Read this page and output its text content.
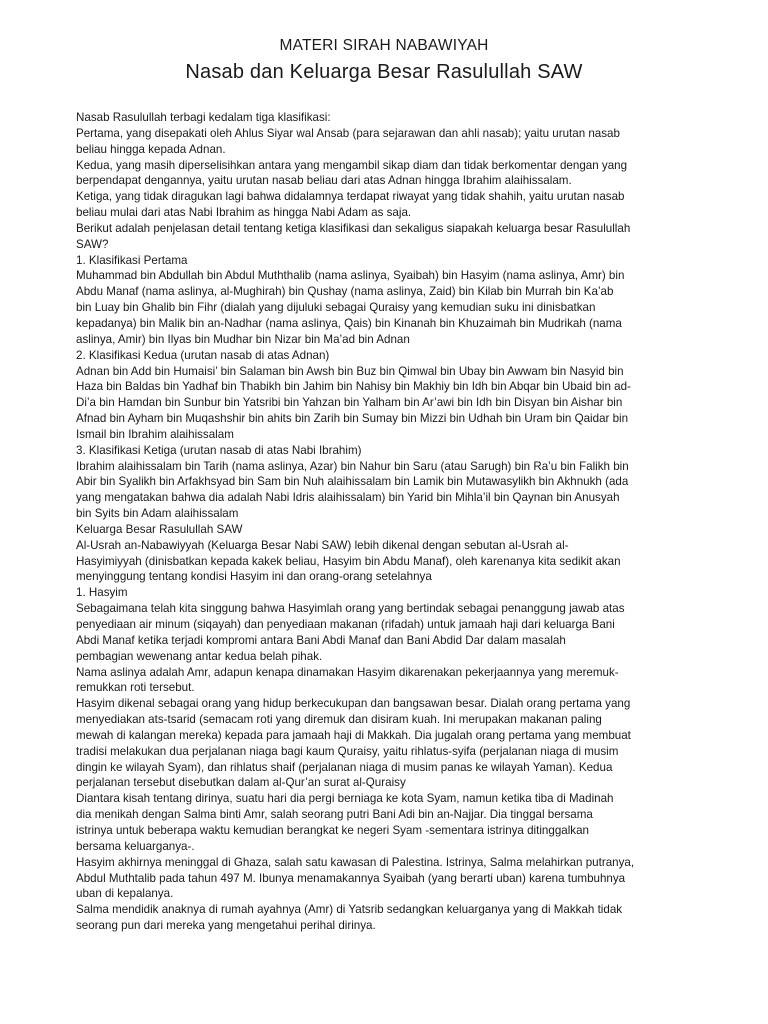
MATERI SIRAH NABAWIYAH
Nasab dan Keluarga Besar Rasulullah SAW

Nasab Rasulullah terbagi kedalam tiga klasifikasi:

Pertama, yang disepakati oleh Ahlus Siyar wal Ansab (para sejarawan dan ahli nasab); yaitu urutan nasab
beliau hingga kepada Adnan.

Kedua, yang masih diperselisihkan antara yang mengambil sikap diam dan tidak berkomentar dengan yang
berpendapat dengannya, yaitu urutan nasab beliau dari atas Adnan hingga Ibrahim alaihissalam.

Ketiga, yang tidak diragukan lagi bahwa didalamnya terdapat riwayat yang tidak shahih, yaitu urutan nasab
beliau mulai dari atas Nabi Ibrahim as hingga Nabi Adam as saja.

Berikut adalah penjelasan detail tentang ketiga klasifikasi dan sekaligus siapakah keluarga besar Rasulullah
SAW?

1. Klasifikasi Pertama

Muhammad bin Abdullah bin Abdul Muththalib (nama aslinya, Syaibah) bin Hasyim (nama aslinya, Amr) bin
Abdu Manaf (nama aslinya, al-Mughirah) bin Qushay (nama aslinya, Zaid) bin Kilab bin Murrah bin Ka’ab
bin Luay bin Ghalib bin Fihr (dialah yang dijuluki sebagai Quraisy yang kemudian suku ini dinisbatkan
kepadanya) bin Malik bin an-Nadhar (nama aslinya, Qais) bin Kinanah bin Khuzaimah bin Mudrikah (nama
aslinya, Amir) bin Ilyas bin Mudhar bin Nizar bin Ma’ad bin Adnan

2. Klasifikasi Kedua (urutan nasab di atas Adnan)

Adnan bin Add bin Humaisi’ bin Salaman bin Awsh bin Buz bin Qimwal bin Ubay bin Awwam bin Nasyid bin
Haza bin Baldas bin Yadhaf bin Thabikh bin Jahim bin Nahisy bin Makhiy bin Idh bin Abqar bin Ubaid bin ad-
Di’a bin Hamdan bin Sunbur bin Yatsribi bin Yahzan bin Yalham bin Ar’awi bin Idh bin Disyan bin Aishar bin
Afnad bin Ayham bin Muqashshir bin ahits bin Zarih bin Sumay bin Mizzi bin Udhah bin Uram bin Qaidar bin
Ismail bin Ibrahim alaihissalam

3. Klasifikasi Ketiga (urutan nasab di atas Nabi Ibrahim)

Ibrahim alaihissalam bin Tarih (nama aslinya, Azar) bin Nahur bin Saru (atau Sarugh) bin Ra’u bin Falikh bin
Abir bin Syalikh bin Arfakhsyad bin Sam bin Nuh alaihissalam bin Lamik bin Mutawasylikh bin Akhnukh (ada
yang mengatakan bahwa dia adalah Nabi Idris alaihissalam) bin Yarid bin Mihla’il bin Qaynan bin Anusyah
bin Syits bin Adam alaihissalam

Keluarga Besar Rasulullah SAW

Al-Usrah an-Nabawiyyah (Keluarga Besar Nabi SAW) lebih dikenal dengan sebutan al-Usrah al-
Hasyimiyyah (dinisbatkan kepada kakek beliau, Hasyim bin Abdu Manaf), oleh karenanya kita sedikit akan
menyinggung tentang kondisi Hasyim ini dan orang-orang setelahnya

1. Hasyim

Sebagaimana telah kita singgung bahwa Hasyimlah orang yang bertindak sebagai penanggung jawab atas
penyediaan air minum (siqayah) dan penyediaan makanan (rifadah) untuk jamaah haji dari keluarga Bani
Abdi Manaf ketika terjadi kompromi antara Bani Abdi Manaf dan Bani Abdid Dar dalam masalah
pembagian wewenang antar kedua belah pihak.

Nama aslinya adalah Amr, adapun kenapa dinamakan Hasyim dikarenakan pekerjaannya yang meremuk-
remukkan roti tersebut.

Hasyim dikenal sebagai orang yang hidup berkecukupan dan bangsawan besar. Dialah orang pertama yang
menyediakan ats-tsarid (semacam roti yang diremuk dan disiram kuah. Ini merupakan makanan paling
mewah di kalangan mereka) kepada para jamaah haji di Makkah. Dia jugalah orang pertama yang membuat
tradisi melakukan dua perjalanan niaga bagi kaum Quraisy, yaitu rihlatus-syifa (perjalanan niaga di musim
dingin ke wilayah Syam), dan rihlatus shaif (perjalanan niaga di musim panas ke wilayah Yaman). Kedua
perjalanan tersebut disebutkan dalam al-Qur’an surat al-Quraisy

Diantara kisah tentang dirinya, suatu hari dia pergi berniaga ke kota Syam, namun ketika tiba di Madinah
dia menikah dengan Salma binti Amr, salah seorang putri Bani Adi bin an-Najjar. Dia tinggal bersama
istrinya untuk beberapa waktu kemudian berangkat ke negeri Syam -sementara istrinya ditinggalkan
bersama keluarganya-.

Hasyim akhirnya meninggal di Ghaza, salah satu kawasan di Palestina. Istrinya, Salma melahirkan putranya,
Abdul Muthtalib pada tahun 497 M. Ibunya menamakannya Syaibah (yang berarti uban) karena tumbuhnya
uban di kepalanya.

Salma mendidik anaknya di rumah ayahnya (Amr) di Yatsrib sedangkan keluarganya yang di Makkah tidak
seorang pun dari mereka yang mengetahui perihal dirinya.
